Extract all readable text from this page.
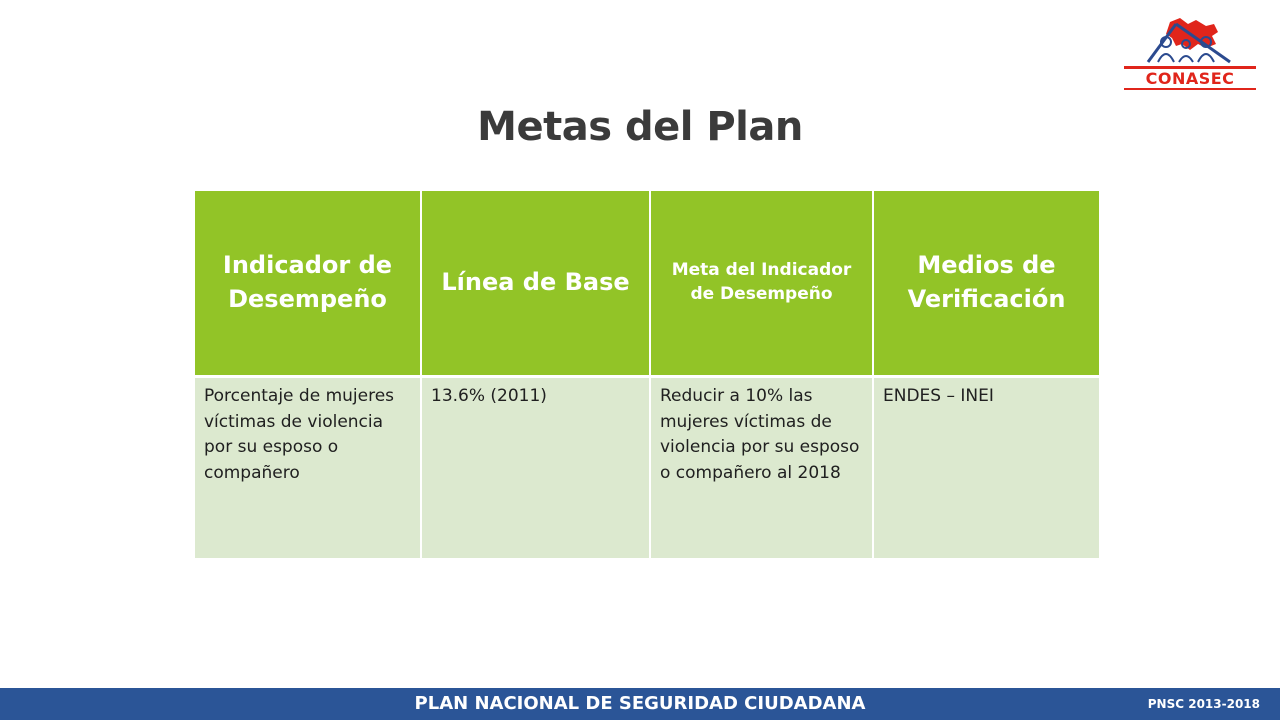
CONASEC
Metas del Plan
Indicador de Desempeño	Línea de Base	Meta del Indicador de Desempeño	Medios de Verificación
Porcentaje de mujeres víctimas de violencia por su esposo o compañero	13.6% (2011)	Reducir a 10% las mujeres víctimas de violencia por su esposo o compañero al 2018	ENDES – INEI
PLAN NACIONAL DE SEGURIDAD CIUDADANA	PNSC 2013-2018
